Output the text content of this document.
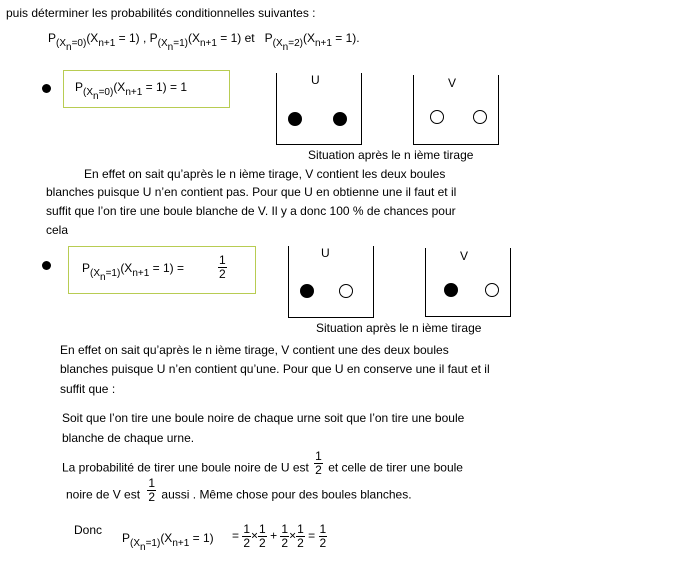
puis déterminer les probabilités conditionnelles suivantes :
$P_{(X_n=0)}(X_{n+1} = 1)$ , $P_{(X_n=1)}(X_{n+1} = 1)$ et $P_{(X_n=2)}(X_{n+1} = 1)$.
$P_{(X_n=0)}(X_{n+1} = 1) = 1$	U	V
Situation après le n ième tirage
En effet on sait qu’après le n ième tirage, V contient les deux boules
blanches puisque U n’en contient pas. Pour que U en obtienne une il faut et il
suffit que l’on tire une boule blanche de V. Il y a donc 100 % de chances pour
cela
$P_{(X_n=1)}(X_{n+1} = 1)$ =	$\frac{1}{2}$
U	V
Situation après le n ième tirage
En effet on sait qu’après le n ième tirage, V contient une des deux boules
blanches puisque U n’en contient qu’une. Pour que U en conserve une il faut et il
suffit que :
Soit que l’on tire une boule noire de chaque urne soit que l’on tire une boule
blanche de chaque urne.
La probabilité de tirer une boule noire de U est $\frac{1}{2}$ et celle de tirer une boule
noire de V est $\frac{1}{2}$ aussi . Même chose pour des boules blanches.
Donc
$P_{(X_n=1)}(X_{n+1} = 1) = \frac{1}{2} \times \frac{1}{2} + \frac{1}{2} \times \frac{1}{2} = \frac{1}{2}$
